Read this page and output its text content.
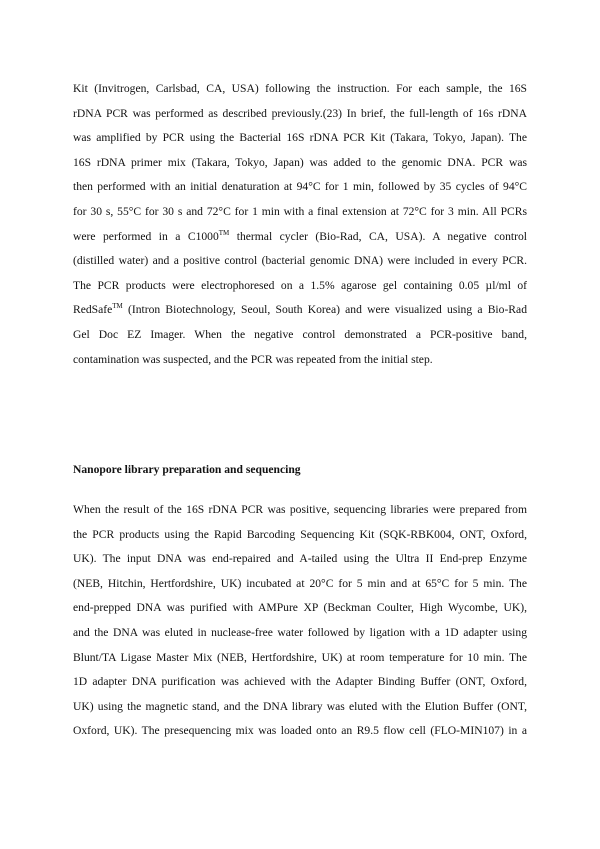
Kit (Invitrogen, Carlsbad, CA, USA) following the instruction. For each sample, the 16S
rDNA PCR was performed as described previously.(23) In brief, the full-length of 16s rDNA
was amplified by PCR using the Bacterial 16S rDNA PCR Kit (Takara, Tokyo, Japan). The
16S rDNA primer mix (Takara, Tokyo, Japan) was added to the genomic DNA. PCR was
then performed with an initial denaturation at 94°C for 1 min, followed by 35 cycles of 94°C
for 30 s, 55°C for 30 s and 72°C for 1 min with a final extension at 72°C for 3 min. All PCRs
were performed in a C1000™ thermal cycler (Bio-Rad, CA, USA). A negative control
(distilled water) and a positive control (bacterial genomic DNA) were included in every PCR.
The PCR products were electrophoresed on a 1.5% agarose gel containing 0.05 µl/ml of
RedSafe™ (Intron Biotechnology, Seoul, South Korea) and were visualized using a Bio-Rad
Gel Doc EZ Imager. When the negative control demonstrated a PCR-positive band,
contamination was suspected, and the PCR was repeated from the initial step.

Nanopore library preparation and sequencing

When the result of the 16S rDNA PCR was positive, sequencing libraries were prepared from
the PCR products using the Rapid Barcoding Sequencing Kit (SQK-RBK004, ONT, Oxford,
UK). The input DNA was end-repaired and A-tailed using the Ultra II End-prep Enzyme
(NEB, Hitchin, Hertfordshire, UK) incubated at 20°C for 5 min and at 65°C for 5 min. The
end-prepped DNA was purified with AMPure XP (Beckman Coulter, High Wycombe, UK),
and the DNA was eluted in nuclease-free water followed by ligation with a 1D adapter using
Blunt/TA Ligase Master Mix (NEB, Hertfordshire, UK) at room temperature for 10 min. The
1D adapter DNA purification was achieved with the Adapter Binding Buffer (ONT, Oxford,
UK) using the magnetic stand, and the DNA library was eluted with the Elution Buffer (ONT,
Oxford, UK). The presequencing mix was loaded onto an R9.5 flow cell (FLO-MIN107) in a
